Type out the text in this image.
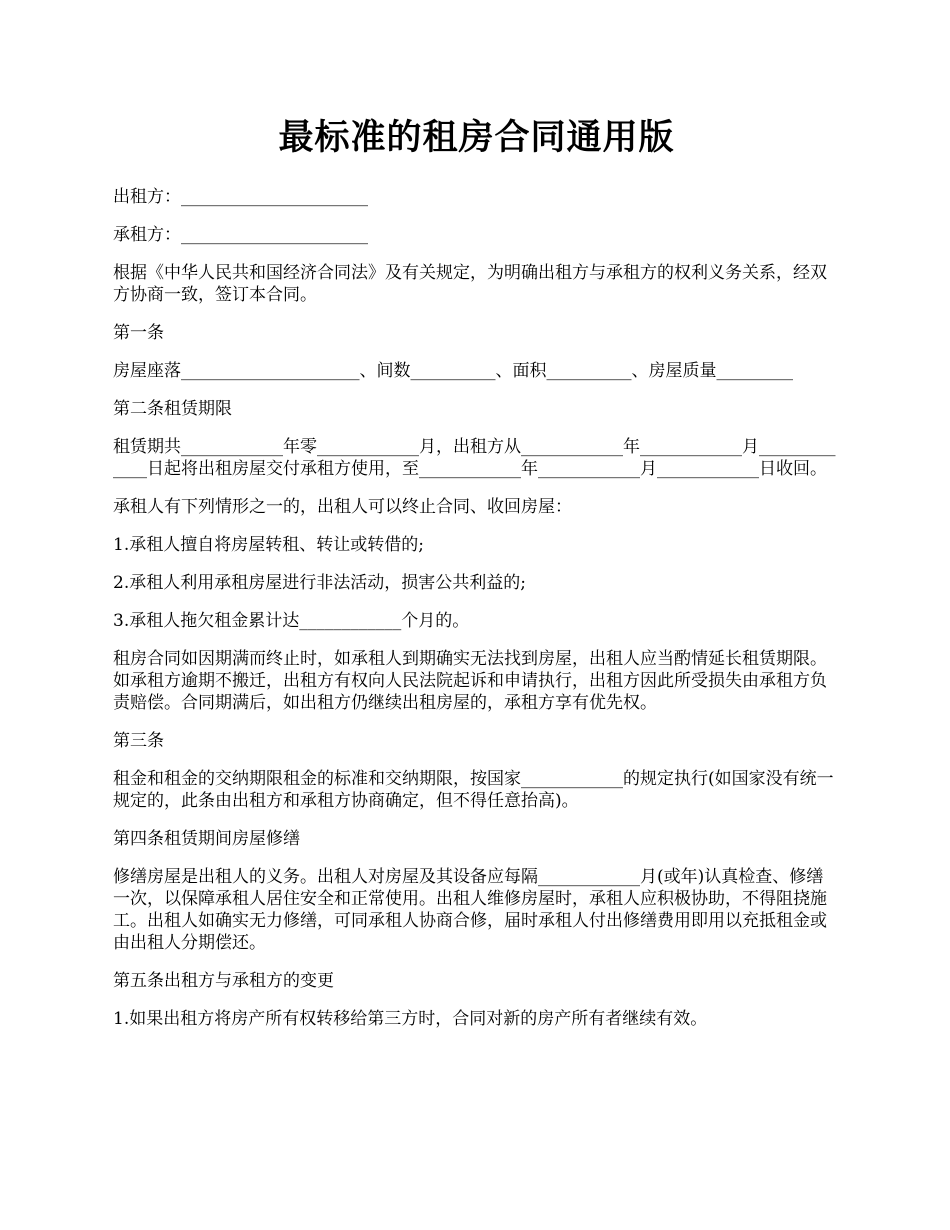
最标准的租房合同通用版

出租方：______________________

承租方：______________________

根据《中华人民共和国经济合同法》及有关规定，为明确出租方与承租方的权利义务关系，经双方协商一致，签订本合同。

第一条

房屋座落_____________________、间数__________、面积__________、房屋质量_________

第二条租赁期限

租赁期共____________年零____________月，出租方从____________年____________月_____________日起将出租房屋交付承租方使用，至____________年____________月____________日收回。

承租人有下列情形之一的，出租人可以终止合同、收回房屋：

1.承租人擅自将房屋转租、转让或转借的;

2.承租人利用承租房屋进行非法活动，损害公共利益的;

3.承租人拖欠租金累计达____________个月的。

租房合同如因期满而终止时，如承租人到期确实无法找到房屋，出租人应当酌情延长租赁期限。如承租方逾期不搬迁，出租方有权向人民法院起诉和申请执行，出租方因此所受损失由承租方负责赔偿。合同期满后，如出租方仍继续出租房屋的，承租方享有优先权。

第三条

租金和租金的交纳期限租金的标准和交纳期限，按国家____________的规定执行(如国家没有统一规定的，此条由出租方和承租方协商确定，但不得任意抬高)。

第四条租赁期间房屋修缮

修缮房屋是出租人的义务。出租人对房屋及其设备应每隔____________月(或年)认真检查、修缮一次，以保障承租人居住安全和正常使用。出租人维修房屋时，承租人应积极协助，不得阻挠施工。出租人如确实无力修缮，可同承租人协商合修，届时承租人付出修缮费用即用以充抵租金或由出租人分期偿还。

第五条出租方与承租方的变更

1.如果出租方将房产所有权转移给第三方时，合同对新的房产所有者继续有效。
